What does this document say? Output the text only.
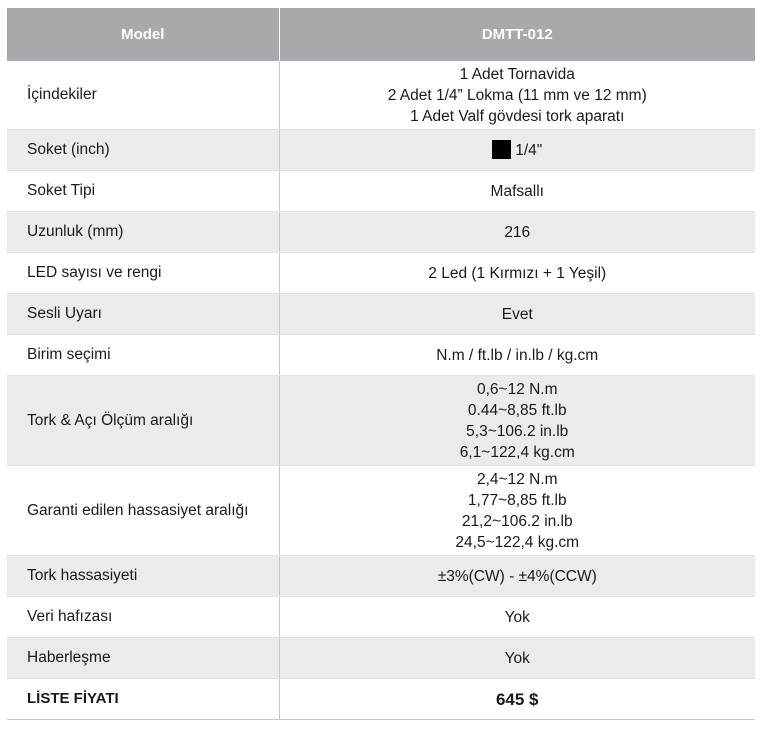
Model	DMTT-012
İçindekiler	1 Adet Tornavida
2 Adet 1/4” Lokma (11 mm ve 12 mm)
1 Adet Valf gövdesi tork aparatı

Soket (inch)	1/4"
Soket Tipi	Mafsallı
Uzunluk (mm)	216
LED sayısı ve rengi	2 Led (1 Kırmızı + 1 Yeşil)
Sesli Uyarı	Evet
Birim seçimi	N.m / ft.lb / in.lb / kg.cm
Tork & Açı Ölçüm aralığı	0,6~12 N.m
0.44~8,85 ft.lb
5,3~106.2 in.lb
6,1~122,4 kg.cm

Garanti edilen hassasiyet aralığı	2,4~12 N.m
1,77~8,85 ft.lb
21,2~106.2 in.lb
24,5~122,4 kg.cm

Tork hassasiyeti	±3%(CW) - ±4%(CCW)
Veri hafızası	Yok
Haberleşme	Yok
LİSTE FİYATI	645 $
